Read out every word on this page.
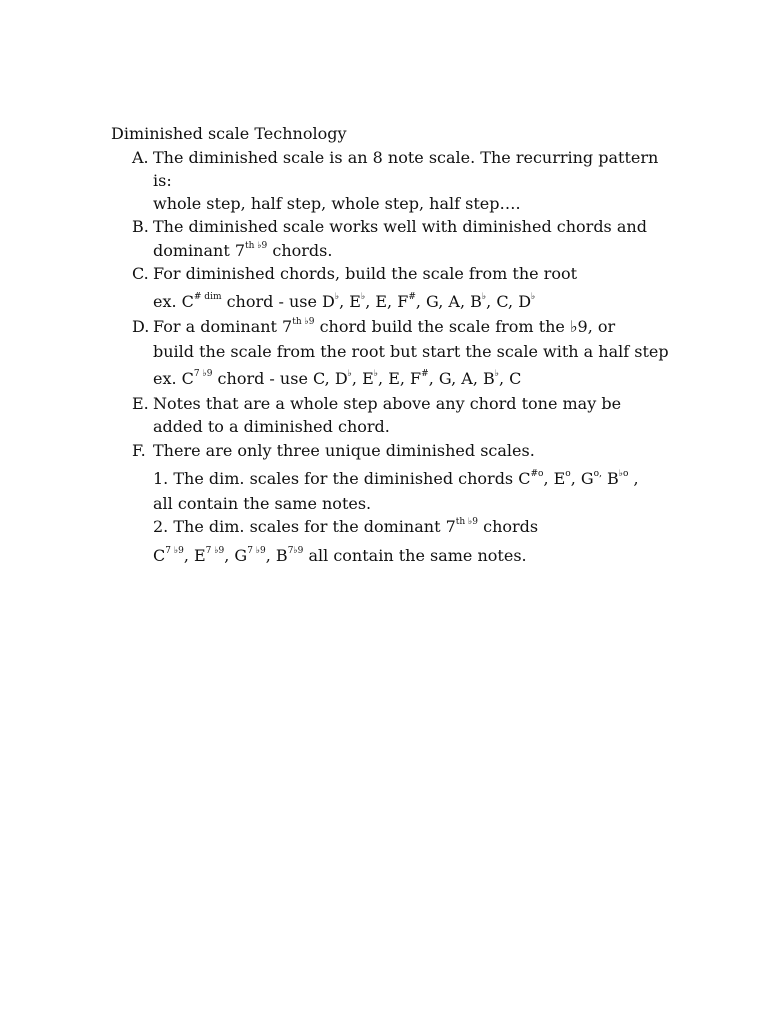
Diminished scale Technology
A. The diminished scale is an 8 note scale. The recurring pattern
is:
whole step, half step, whole step, half step….
B. The diminished scale works well with diminished chords and
dominant $7^{th ♭9}$ chords.
C. For diminished chords, build the scale from the root
ex. $C^{\# dim}$ chord - use D♭, E♭, E, F#, G, A, B♭, C, D♭
D. For a dominant $7^{th ♭9}$ chord build the scale from the ♭9, or
build the scale from the root but start the scale with a half step
ex. $C^{7 ♭9}$ chord - use C, D♭, E♭, E, F#, G, A, B♭, C
E. Notes that are a whole step above any chord tone may be
added to a diminished chord.
F. There are only three unique diminished scales.
1. The dim. scales for the diminished chords $C^{\#o}$, $E^o$, $G^{o,}$ $B^{♭o}$ ,
all contain the same notes.
2. The dim. scales for the dominant $7^{th ♭9}$ chords
$C^{7 ♭9}$, $E^{7 ♭9}$, $G^{7 ♭9}$, $B^{7♭9}$ all contain the same notes.
